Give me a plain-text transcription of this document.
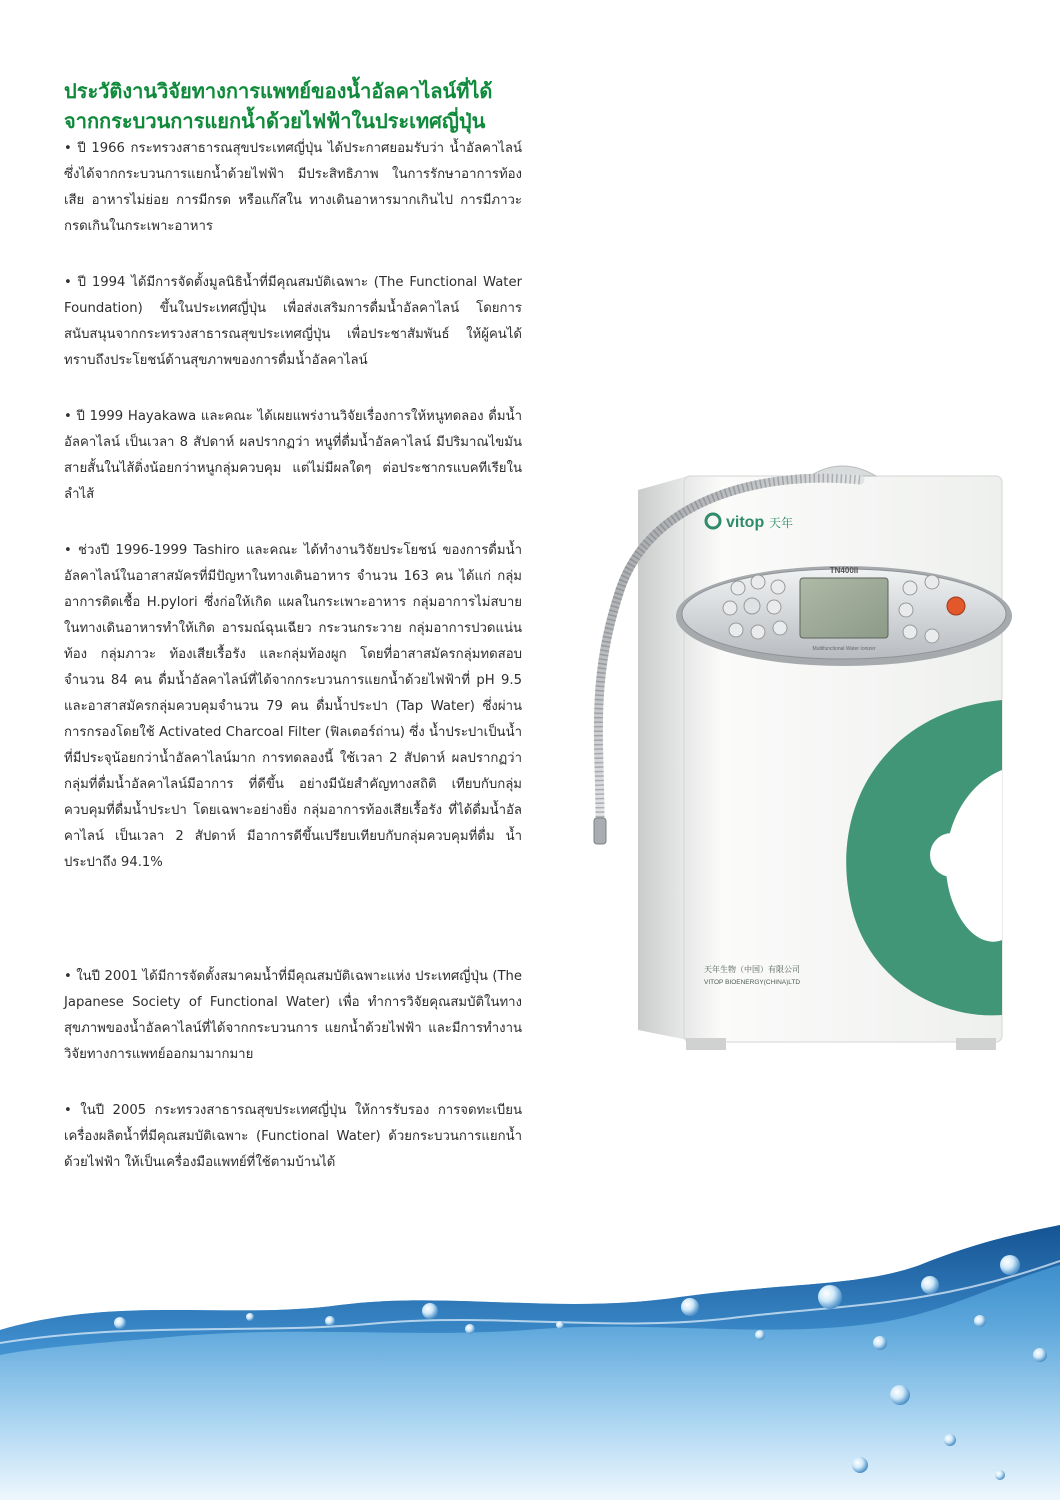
ประวัติงานวิจัยทางการแพทย์ของน้ำอัลคาไลน์ที่ได้
จากกระบวนการแยกน้ำด้วยไฟฟ้าในประเทศญี่ปุ่น

• ปี 1966 กระทรวงสาธารณสุขประเทศญี่ปุ่น ได้ประกาศยอมรับว่า น้ำอัลคาไลน์ซึ่งได้จากกระบวนการแยกน้ำด้วยไฟฟ้า มีประสิทธิภาพ ในการรักษาอาการท้องเสีย อาหารไม่ย่อย การมีกรด หรือแก๊สใน ทางเดินอาหารมากเกินไป การมีภาวะกรดเกินในกระเพาะอาหาร

• ปี 1994 ได้มีการจัดตั้งมูลนิธิน้ำที่มีคุณสมบัติเฉพาะ (The Functional Water Foundation) ขึ้นในประเทศญี่ปุ่น เพื่อส่งเสริมการดื่มน้ำอัลคาไลน์ โดยการสนับสนุนจากกระทรวงสาธารณสุขประเทศญี่ปุ่น เพื่อประชาสัมพันธ์ ให้ผู้คนได้ทราบถึงประโยชน์ด้านสุขภาพของการดื่มน้ำอัลคาไลน์

• ปี 1999 Hayakawa และคณะ ได้เผยแพร่งานวิจัยเรื่องการให้หนูทดลอง ดื่มน้ำอัลคาไลน์ เป็นเวลา 8 สัปดาห์ ผลปรากฏว่า หนูที่ดื่มน้ำอัลคาไลน์ มีปริมาณไขมันสายสั้นในไส้ติ่งน้อยกว่าหนูกลุ่มควบคุม แต่ไม่มีผลใดๆ ต่อประชากรแบคทีเรียในลำไส้

• ช่วงปี 1996-1999 Tashiro และคณะ ได้ทำงานวิจัยประโยชน์ ของการดื่มน้ำอัลคาไลน์ในอาสาสมัครที่มีปัญหาในทางเดินอาหาร จำนวน 163 คน ได้แก่ กลุ่มอาการติดเชื้อ H.pylori ซึ่งก่อให้เกิด แผลในกระเพาะอาหาร กลุ่มอาการไม่สบายในทางเดินอาหารทำให้เกิด อารมณ์ฉุนเฉียว กระวนกระวาย กลุ่มอาการปวดแน่นท้อง กลุ่มภาวะ ท้องเสียเรื้อรัง และกลุ่มท้องผูก โดยที่อาสาสมัครกลุ่มทดสอบจำนวน 84 คน ดื่มน้ำอัลคาไลน์ที่ได้จากกระบวนการแยกน้ำด้วยไฟฟ้าที่ pH 9.5 และอาสาสมัครกลุ่มควบคุมจำนวน 79 คน ดื่มน้ำประปา (Tap Water) ซึ่งผ่านการกรองโดยใช้ Activated Charcoal Filter (ฟิลเตอร์ถ่าน) ซึ่ง น้ำประปาเป็นน้ำที่มีประจุน้อยกว่าน้ำอัลคาไลน์มาก การทดลองนี้ ใช้เวลา 2 สัปดาห์ ผลปรากฏว่า กลุ่มที่ดื่มน้ำอัลคาไลน์มีอาการ ที่ดีขึ้น อย่างมีนัยสำคัญทางสถิติ เทียบกับกลุ่มควบคุมที่ดื่มน้ำประปา โดยเฉพาะอย่างยิ่ง กลุ่มอาการท้องเสียเรื้อรัง ที่ได้ดื่มน้ำอัลคาไลน์ เป็นเวลา 2 สัปดาห์ มีอาการดีขึ้นเปรียบเทียบกับกลุ่มควบคุมที่ดื่ม น้ำประปาถึง 94.1%

• ในปี 2001 ได้มีการจัดตั้งสมาคมน้ำที่มีคุณสมบัติเฉพาะแห่ง ประเทศญี่ปุ่น (The Japanese Society of Functional Water) เพื่อ ทำการวิจัยคุณสมบัติในทางสุขภาพของน้ำอัลคาไลน์ที่ได้จากกระบวนการ แยกน้ำด้วยไฟฟ้า และมีการทำงานวิจัยทางการแพทย์ออกมามากมาย

• ในปี 2005 กระทรวงสาธารณสุขประเทศญี่ปุ่น ให้การรับรอง การจดทะเบียนเครื่องผลิตน้ำที่มีคุณสมบัติเฉพาะ (Functional Water) ด้วยกระบวนการแยกน้ำด้วยไฟฟ้า ให้เป็นเครื่องมือแพทย์ที่ใช้ตามบ้านได้

vitop 天年
TN400II
Multifunctional Water Ionizer
天年生物（中国）有限公司
VITOP BIOENERGY(CHINA)LTD
